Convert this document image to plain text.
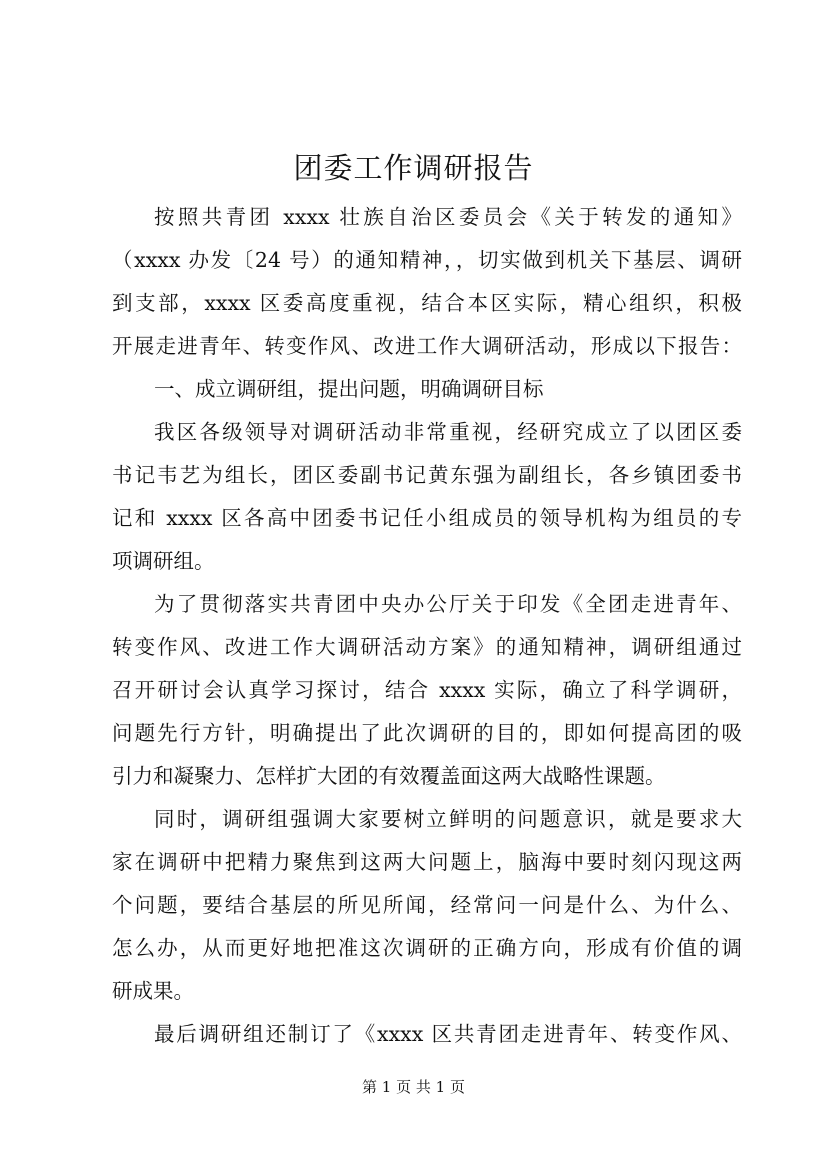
团委工作调研报告
按照共青团 xxxx 壮族自治区委员会《关于转发的通知》
（xxxx 办发〔24 号）的通知精神，，切实做到机关下基层、调研
到支部，xxxx 区委高度重视，结合本区实际，精心组织，积极
开展走进青年、转变作风、改进工作大调研活动，形成以下报告：
一、成立调研组，提出问题，明确调研目标
我区各级领导对调研活动非常重视，经研究成立了以团区委
书记韦艺为组长，团区委副书记黄东强为副组长，各乡镇团委书
记和 xxxx 区各高中团委书记任小组成员的领导机构为组员的专
项调研组。
为了贯彻落实共青团中央办公厅关于印发《全团走进青年、
转变作风、改进工作大调研活动方案》的通知精神，调研组通过
召开研讨会认真学习探讨，结合 xxxx 实际，确立了科学调研，
问题先行方针，明确提出了此次调研的目的，即如何提高团的吸
引力和凝聚力、怎样扩大团的有效覆盖面这两大战略性课题。
同时，调研组强调大家要树立鲜明的问题意识，就是要求大
家在调研中把精力聚焦到这两大问题上，脑海中要时刻闪现这两
个问题，要结合基层的所见所闻，经常问一问是什么、为什么、
怎么办，从而更好地把准这次调研的正确方向，形成有价值的调
研成果。
最后调研组还制订了《xxxx 区共青团走进青年、转变作风、
第 1 页 共 1 页
